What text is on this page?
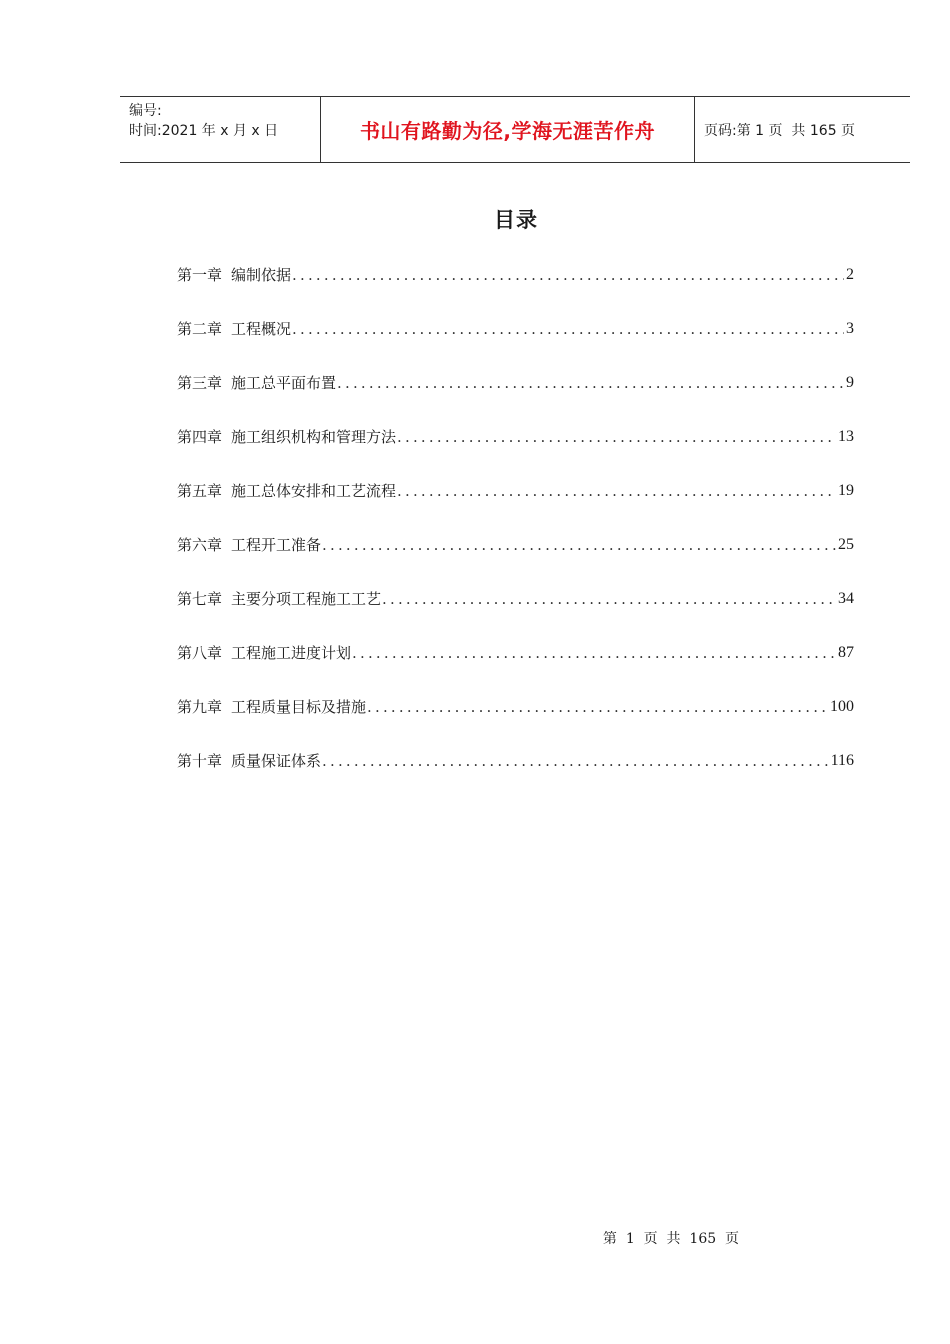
编号:
时间:2021 年 x 月 x 日	书山有路勤为径,学海无涯苦作舟	页码:第 1 页  共 165 页
目录
第一章 编制依据 .....	2
第二章 工程概况 .....	3
第三章 施工总平面布置 .....	9
第四章 施工组织机构和管理方法 .....	13
第五章 施工总体安排和工艺流程 .....	19
第六章 工程开工准备 .....	25
第七章 主要分项工程施工工艺 .....	34
第八章 工程施工进度计划 .....	87
第九章 工程质量目标及措施 .....	100
第十章 质量保证体系 .....	116
第  1  页  共  165  页
